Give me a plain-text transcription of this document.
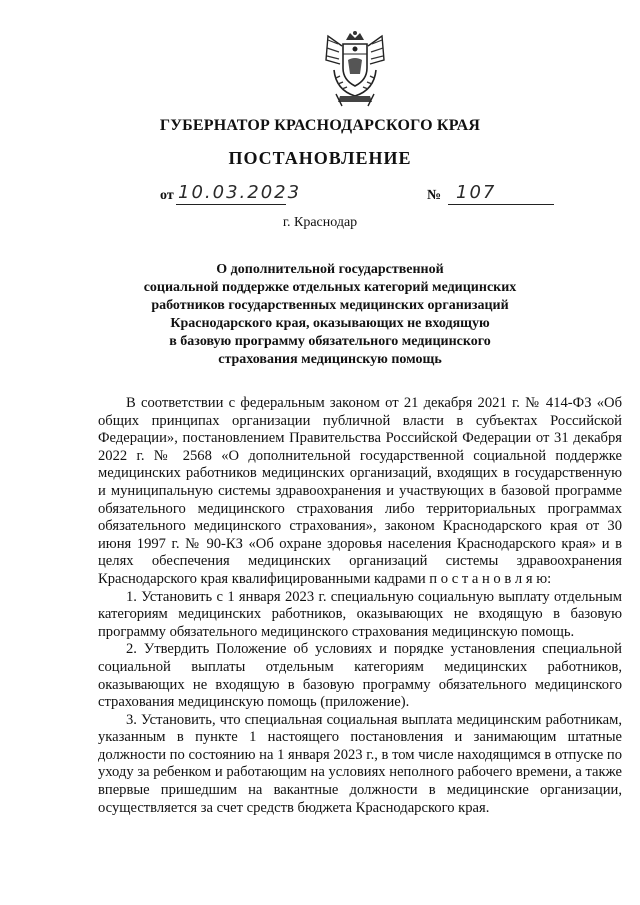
ГУБЕРНАТОР КРАСНОДАРСКОГО КРАЯ
ПОСТАНОВЛЕНИЕ
от 10.03.2023	№ 107
г. Краснодар
О дополнительной государственной
социальной поддержке отдельных категорий медицинских
работников государственных медицинских организаций
Краснодарского края, оказывающих не входящую
в базовую программу обязательного медицинского
страхования медицинскую помощь

В соответствии с федеральным законом от 21 декабря 2021 г. № 414-ФЗ «Об общих принципах организации публичной власти в субъектах Российской Федерации», постановлением Правительства Российской Федерации от 31 декабря 2022 г. № 2568 «О дополнительной государственной социальной поддержке медицинских работников медицинских организаций, входящих в государственную и муниципальную системы здравоохранения и участвующих в базовой программе обязательного медицинского страхования либо территориальных программах обязательного медицинского страхования», законом Краснодарского края от 30 июня 1997 г. № 90-КЗ «Об охране здоровья населения Краснодарского края» и в целях обеспечения медицинских организаций системы здравоохранения Краснодарского края квалифицированными кадрами п о с т а н о в л я ю:

1. Установить с 1 января 2023 г. специальную социальную выплату отдельным категориям медицинских работников, оказывающих не входящую в базовую программу обязательного медицинского страхования медицинскую помощь.

2. Утвердить Положение об условиях и порядке установления специальной социальной выплаты отдельным категориям медицинских работников, оказывающих не входящую в базовую программу обязательного медицинского страхования медицинскую помощь (приложение).

3. Установить, что специальная социальная выплата медицинским работникам, указанным в пункте 1 настоящего постановления и занимающим штатные должности по состоянию на 1 января 2023 г., в том числе находящимся в отпуске по уходу за ребенком и работающим на условиях неполного рабочего времени, а также впервые пришедшим на вакантные должности в медицинские организации, осуществляется за счет средств бюджета Краснодарского края.
